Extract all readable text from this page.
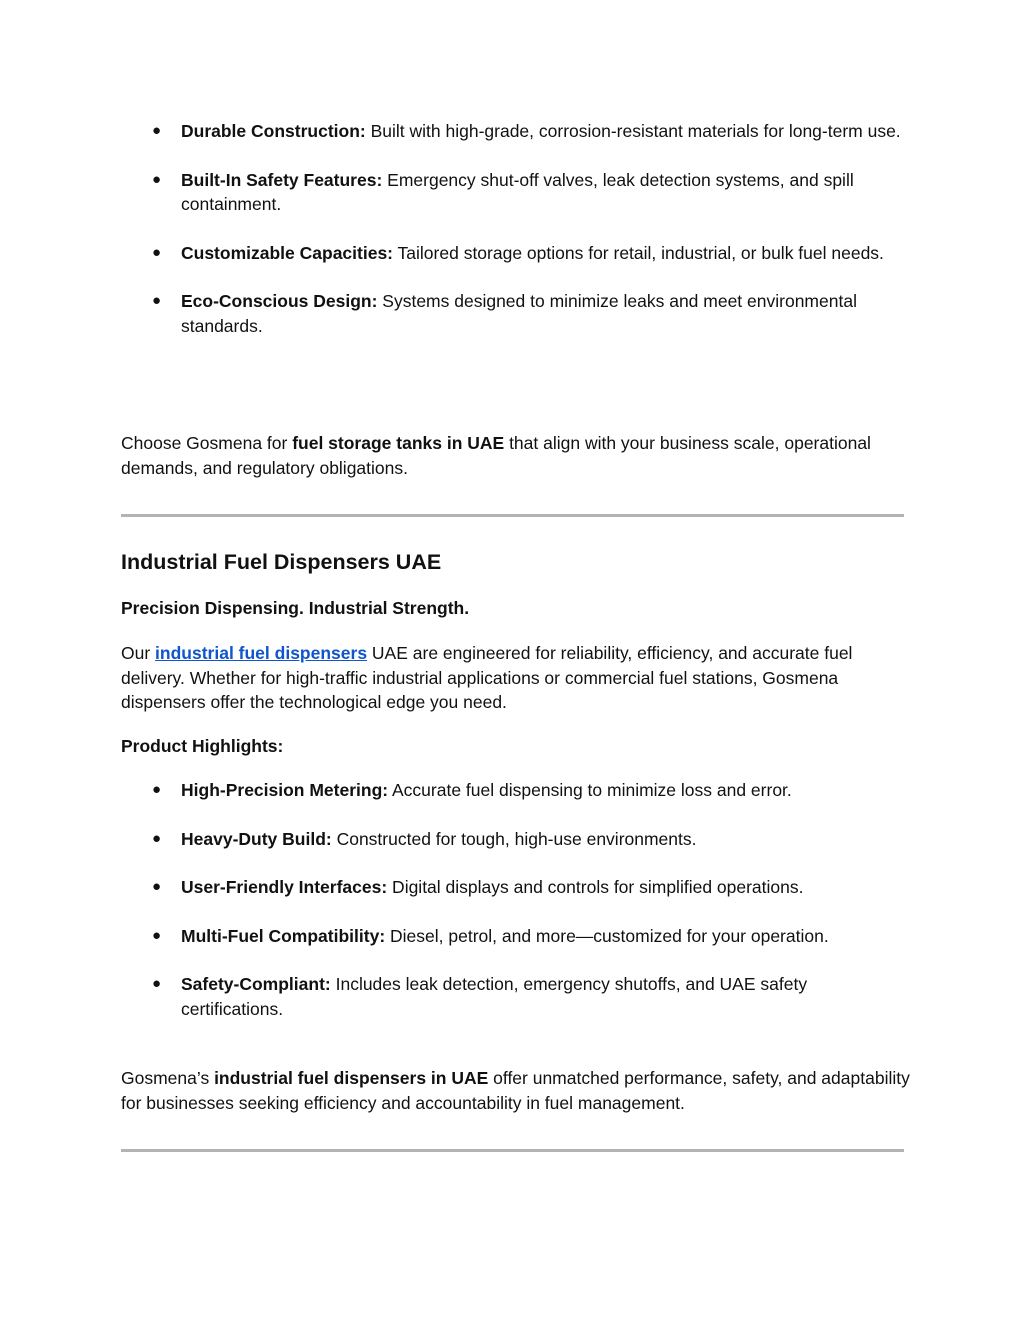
● Durable Construction: Built with high-grade, corrosion-resistant materials for long-term use.
● Built-In Safety Features: Emergency shut-off valves, leak detection systems, and spill containment.
● Customizable Capacities: Tailored storage options for retail, industrial, or bulk fuel needs.
● Eco-Conscious Design: Systems designed to minimize leaks and meet environmental standards.

Choose Gosmena for fuel storage tanks in UAE that align with your business scale, operational demands, and regulatory obligations.

Industrial Fuel Dispensers UAE

Precision Dispensing. Industrial Strength.

Our industrial fuel dispensers UAE are engineered for reliability, efficiency, and accurate fuel delivery. Whether for high-traffic industrial applications or commercial fuel stations, Gosmena dispensers offer the technological edge you need.

Product Highlights:

● High-Precision Metering: Accurate fuel dispensing to minimize loss and error.
● Heavy-Duty Build: Constructed for tough, high-use environments.
● User-Friendly Interfaces: Digital displays and controls for simplified operations.
● Multi-Fuel Compatibility: Diesel, petrol, and more—customized for your operation.
● Safety-Compliant: Includes leak detection, emergency shutoffs, and UAE safety certifications.

Gosmena’s industrial fuel dispensers in UAE offer unmatched performance, safety, and adaptability for businesses seeking efficiency and accountability in fuel management.
